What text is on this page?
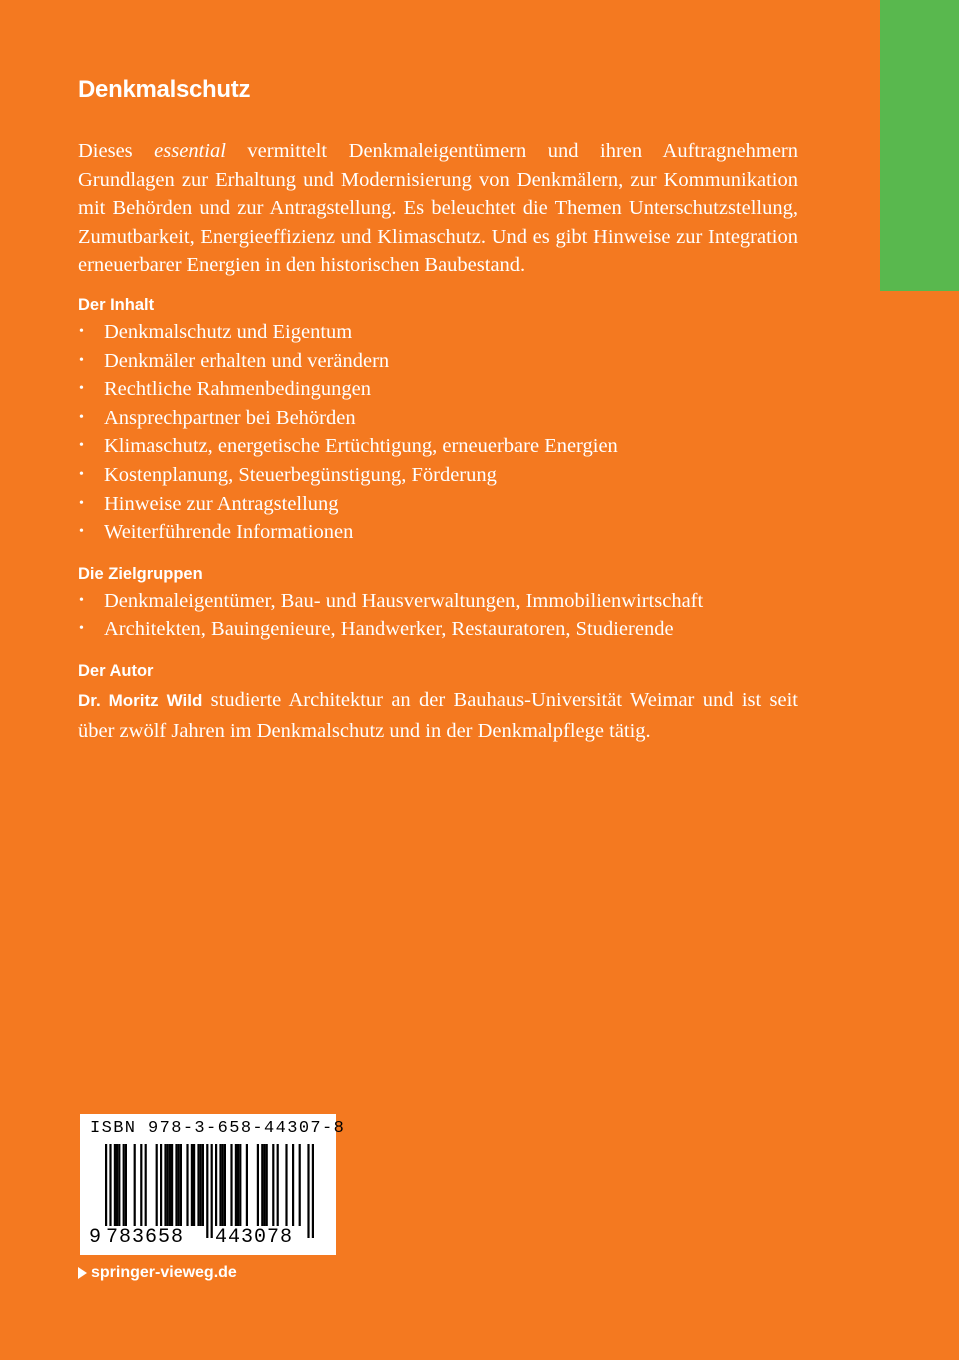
Denkmalschutz

Dieses essential vermittelt Denkmaleigentümern und ihren Auftragnehmern Grundlagen zur Erhaltung und Modernisierung von Denkmälern, zur Kommunikation mit Behörden und zur Antragstellung. Es beleuchtet die Themen Unterschutzstellung, Zumutbarkeit, Energieeffizienz und Klimaschutz. Und es gibt Hinweise zur Integration erneuerbarer Energien in den historischen Baubestand.

Der Inhalt
• Denkmalschutz und Eigentum
• Denkmäler erhalten und verändern
• Rechtliche Rahmenbedingungen
• Ansprechpartner bei Behörden
• Klimaschutz, energetische Ertüchtigung, erneuerbare Energien
• Kostenplanung, Steuerbegünstigung, Förderung
• Hinweise zur Antragstellung
• Weiterführende Informationen
Die Zielgruppen
• Denkmaleigentümer, Bau- und Hausverwaltungen, Immobilienwirtschaft
• Architekten, Bauingenieure, Handwerker, Restauratoren, Studierende
Der Autor

Dr. Moritz Wild studierte Architektur an der Bauhaus-Universität Weimar und ist seit über zwölf Jahren im Denkmalschutz und in der Denkmalpflege tätig.

ISBN 978-3-658-44307-8
9 783658 443078
springer-vieweg.de
